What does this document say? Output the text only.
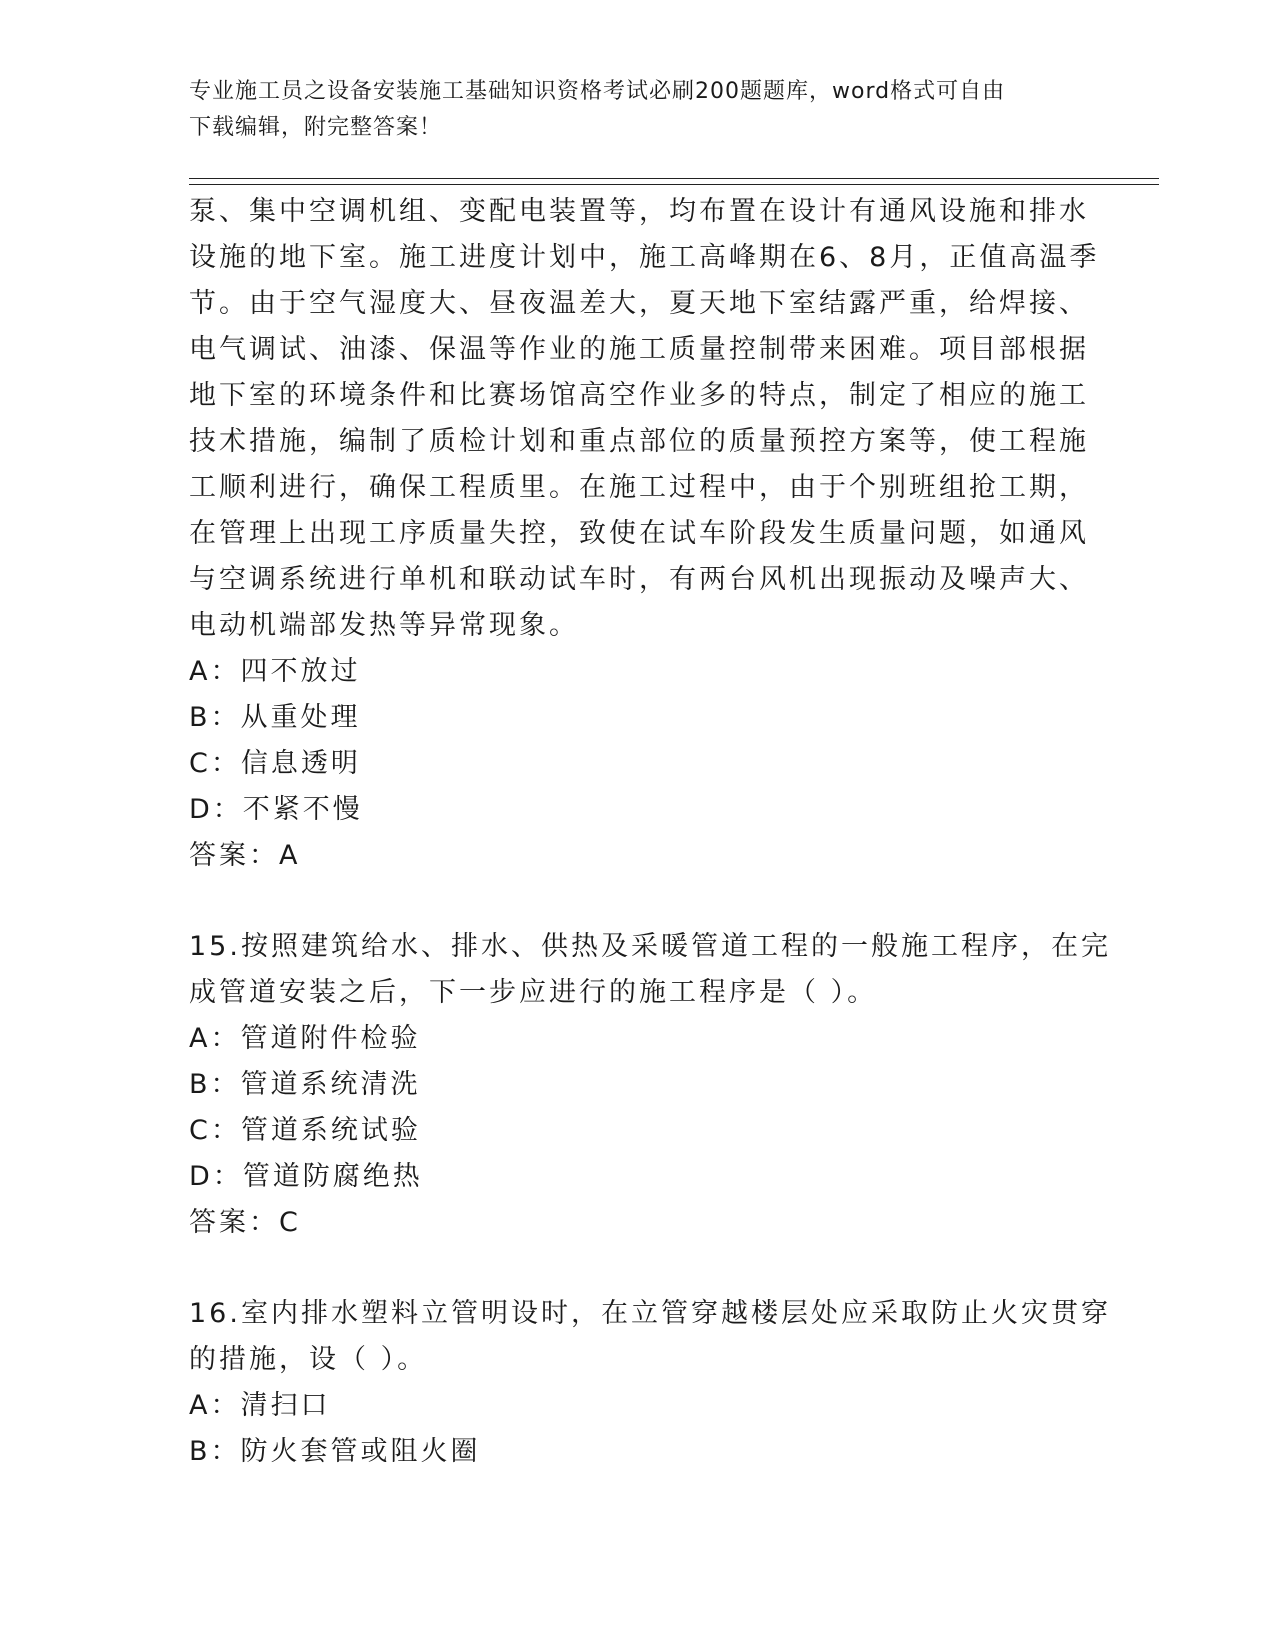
专业施工员之设备安装施工基础知识资格考试必刷200题题库，word格式可自由
下载编辑，附完整答案！
泵、集中空调机组、变配电装置等，均布置在设计有通风设施和排水
设施的地下室。施工进度计划中，施工高峰期在6、8月，正值高温季
节。由于空气湿度大、昼夜温差大，夏天地下室结露严重，给焊接、
电气调试、油漆、保温等作业的施工质量控制带来困难。项目部根据
地下室的环境条件和比赛场馆高空作业多的特点，制定了相应的施工
技术措施，编制了质检计划和重点部位的质量预控方案等，使工程施
工顺利进行，确保工程质里。在施工过程中，由于个别班组抢工期，
在管理上出现工序质量失控，致使在试车阶段发生质量问题，如通风
与空调系统进行单机和联动试车时，有两台风机出现振动及噪声大、
电动机端部发热等异常现象。
A：四不放过
B：从重处理
C：信息透明
D：不紧不慢
答案：A
15.按照建筑给水、排水、供热及采暖管道工程的一般施工程序，在完
成管道安装之后，下一步应进行的施工程序是（ ）。
A：管道附件检验
B：管道系统清洗
C：管道系统试验
D：管道防腐绝热
答案：C
16.室内排水塑料立管明设时，在立管穿越楼层处应采取防止火灾贯穿
的措施，设（ ）。
A：清扫口
B：防火套管或阻火圈
